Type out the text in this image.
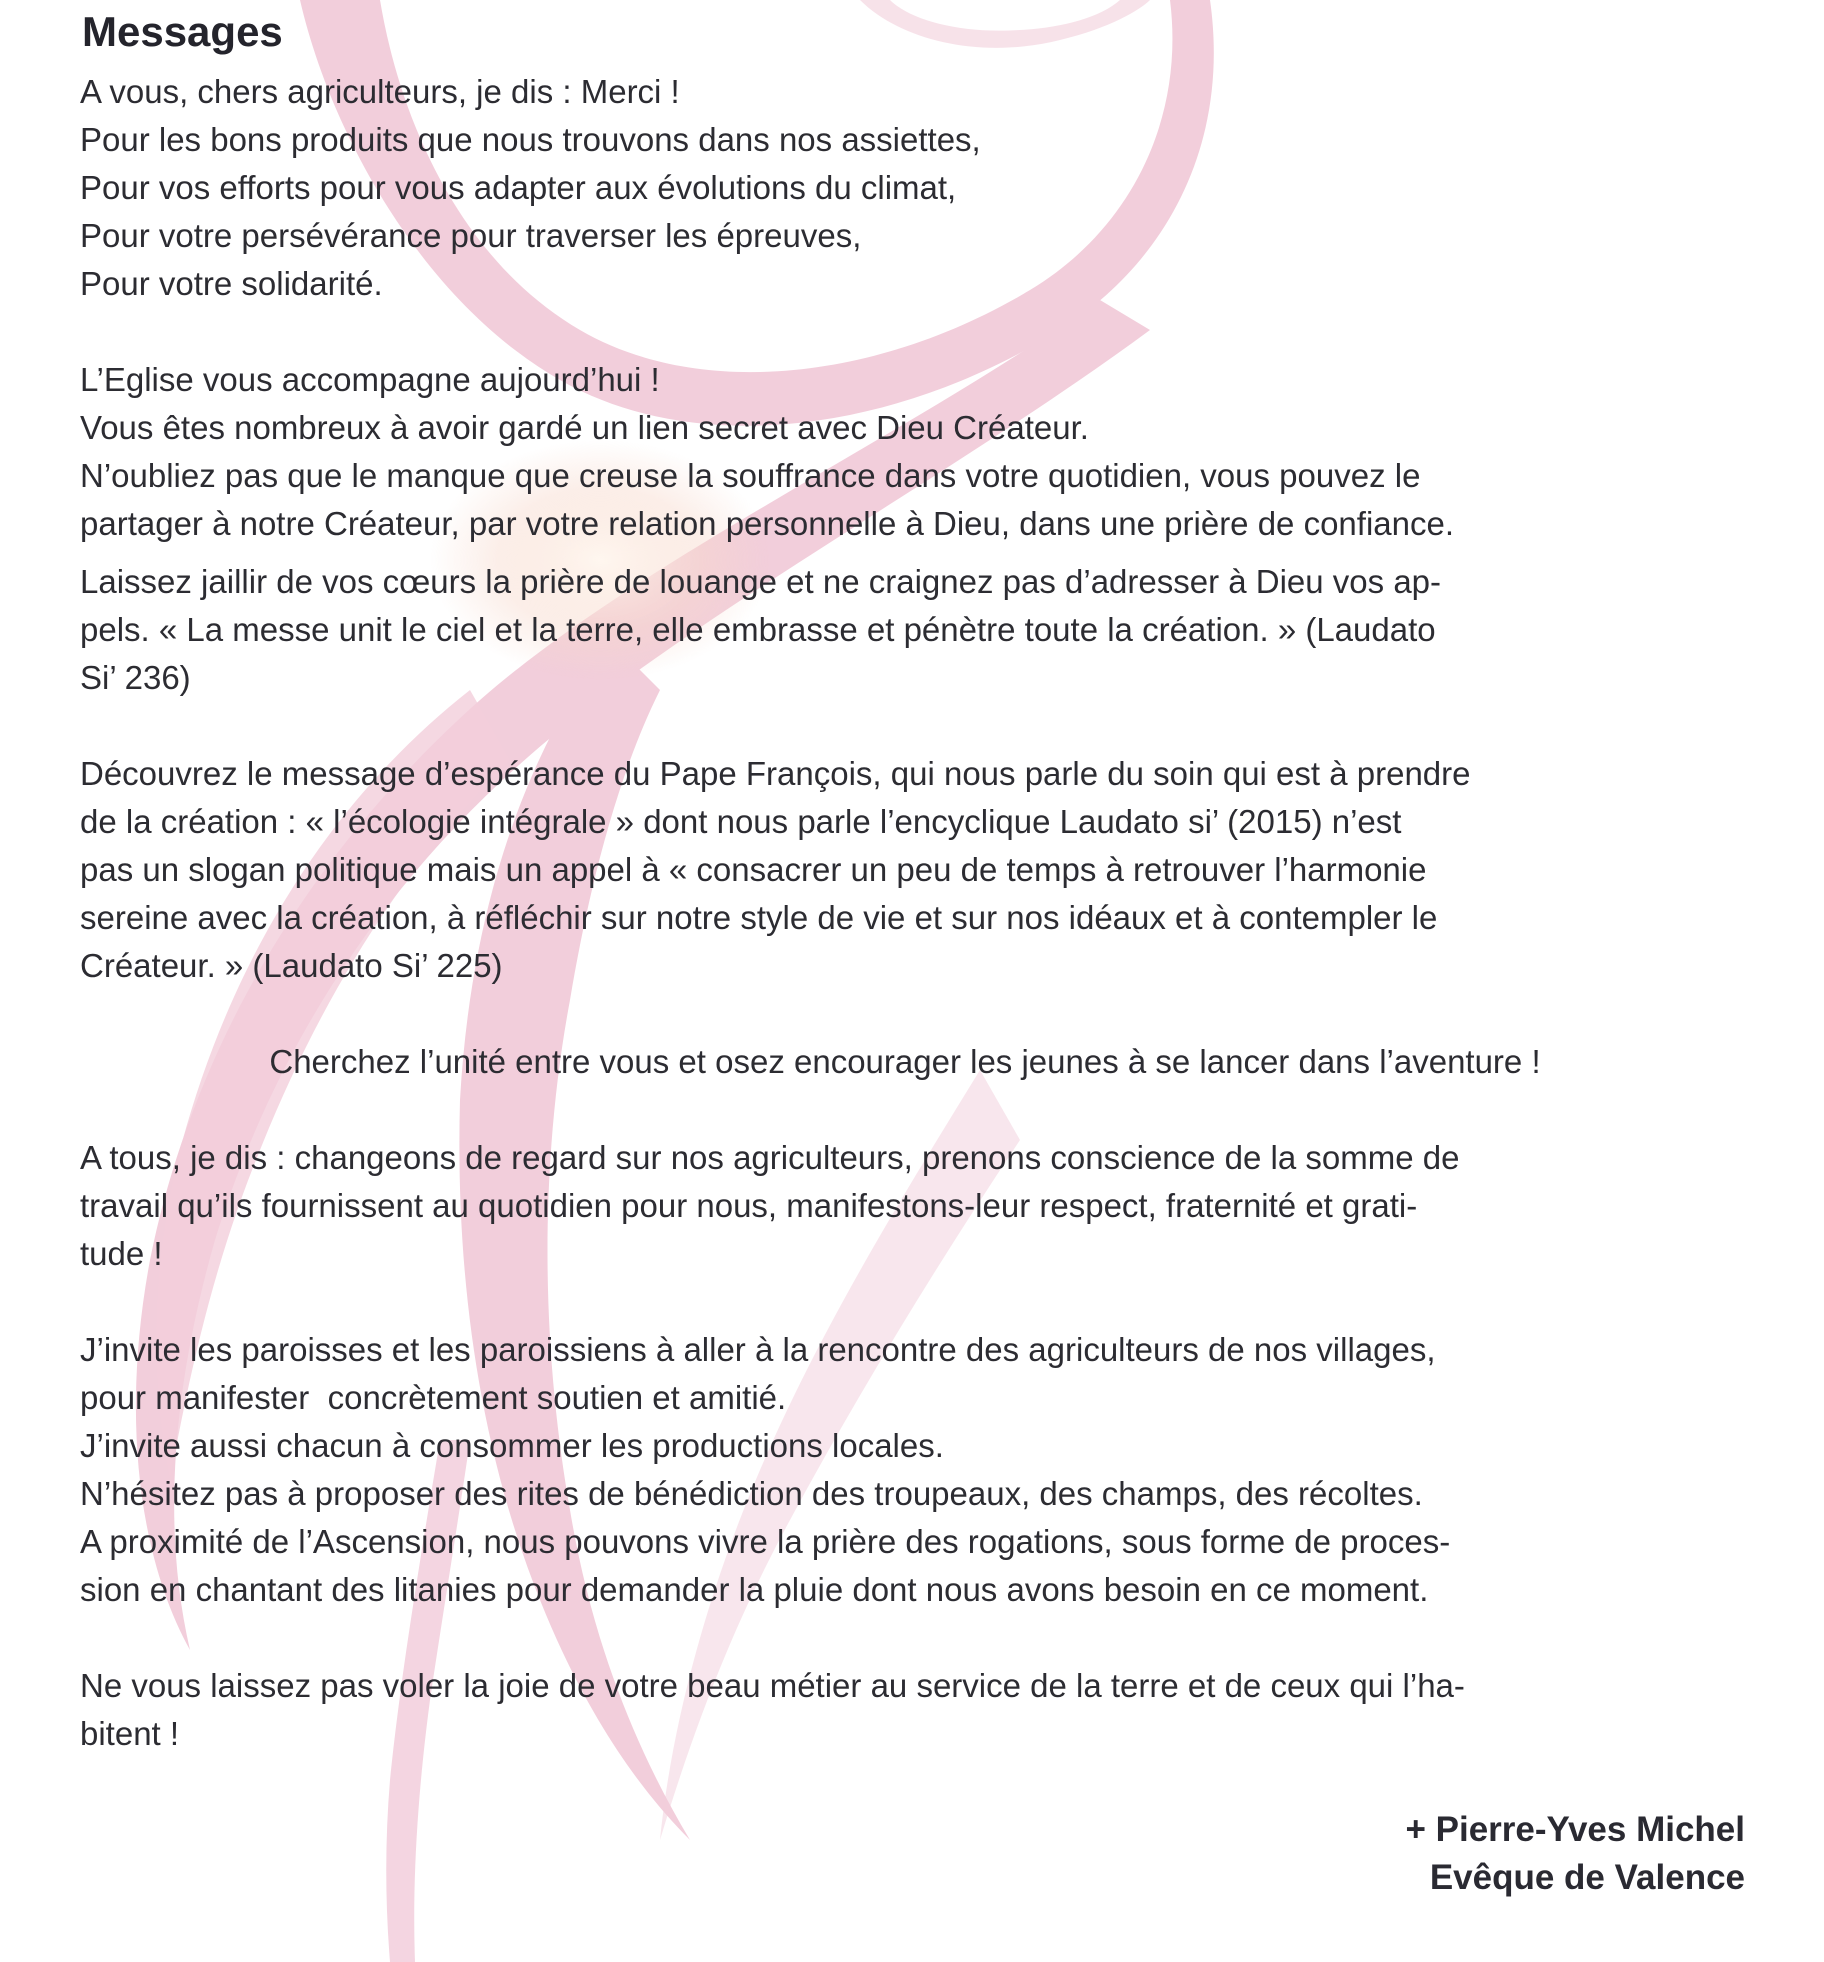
Messages
A vous, chers agriculteurs, je dis : Merci !
Pour les bons produits que nous trouvons dans nos assiettes,
Pour vos efforts pour vous adapter aux évolutions du climat,
Pour votre persévérance pour traverser les épreuves,
Pour votre solidarité.
L’Eglise vous accompagne aujourd’hui !
Vous êtes nombreux à avoir gardé un lien secret avec Dieu Créateur.
N’oubliez pas que le manque que creuse la souffrance dans votre quotidien, vous pouvez le
partager à notre Créateur, par votre relation personnelle à Dieu, dans une prière de confiance.
Laissez jaillir de vos cœurs la prière de louange et ne craignez pas d’adresser à Dieu vos ap-
pels. « La messe unit le ciel et la terre, elle embrasse et pénètre toute la création. » (Laudato
Si’ 236)
Découvrez le message d’espérance du Pape François, qui nous parle du soin qui est à prendre
de la création : « l’écologie intégrale » dont nous parle l’encyclique Laudato si’ (2015) n’est
pas un slogan politique mais un appel à « consacrer un peu de temps à retrouver l’harmonie
sereine avec la création, à réfléchir sur notre style de vie et sur nos idéaux et à contempler le
Créateur. » (Laudato Si’ 225)
Cherchez l’unité entre vous et osez encourager les jeunes à se lancer dans l’aventure !
A tous, je dis : changeons de regard sur nos agriculteurs, prenons conscience de la somme de
travail qu’ils fournissent au quotidien pour nous, manifestons-leur respect, fraternité et grati-
tude !
J’invite les paroisses et les paroissiens à aller à la rencontre des agriculteurs de nos villages,
pour manifester  concrètement soutien et amitié.
J’invite aussi chacun à consommer les productions locales.
N’hésitez pas à proposer des rites de bénédiction des troupeaux, des champs, des récoltes.
A proximité de l’Ascension, nous pouvons vivre la prière des rogations, sous forme de proces-
sion en chantant des litanies pour demander la pluie dont nous avons besoin en ce moment.
Ne vous laissez pas voler la joie de votre beau métier au service de la terre et de ceux qui l’ha-
bitent !
+ Pierre-Yves Michel
Evêque de Valence
